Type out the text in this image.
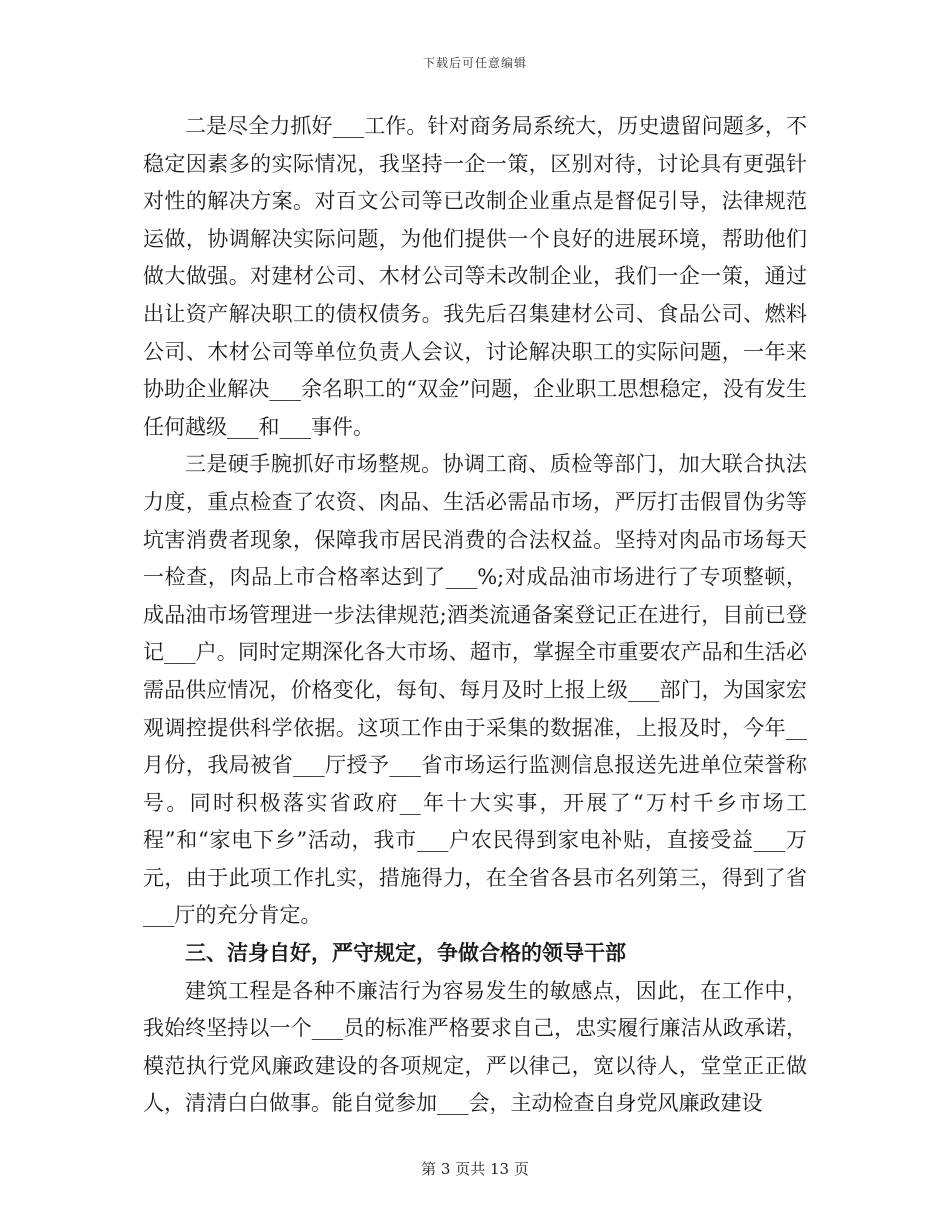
下载后可任意编辑

二是尽全力抓好___工作。针对商务局系统大，历史遗留问题多，不稳定因素多的实际情况，我坚持一企一策，区别对待，讨论具有更强针对性的解决方案。对百文公司等已改制企业重点是督促引导，法律规范运做，协调解决实际问题，为他们提供一个良好的进展环境，帮助他们做大做强。对建材公司、木材公司等未改制企业，我们一企一策，通过出让资产解决职工的债权债务。我先后召集建材公司、食品公司、燃料公司、木材公司等单位负责人会议，讨论解决职工的实际问题，一年来协助企业解决___余名职工的“双金”问题，企业职工思想稳定，没有发生任何越级___和___事件。

三是硬手腕抓好市场整规。协调工商、质检等部门，加大联合执法力度，重点检查了农资、肉品、生活必需品市场，严厉打击假冒伪劣等坑害消费者现象，保障我市居民消费的合法权益。坚持对肉品市场每天一检查，肉品上市合格率达到了___%;对成品油市场进行了专项整顿，成品油市场管理进一步法律规范;酒类流通备案登记正在进行，目前已登记___户。同时定期深化各大市场、超市，掌握全市重要农产品和生活必需品供应情况，价格变化，每旬、每月及时上报上级___部门，为国家宏观调控提供科学依据。这项工作由于采集的数据准，上报及时，今年__月份，我局被省___厅授予___省市场运行监测信息报送先进单位荣誉称号。同时积极落实省政府__年十大实事，开展了“万村千乡市场工程”和“家电下乡”活动，我市___户农民得到家电补贴，直接受益___万元，由于此项工作扎实，措施得力，在全省各县市名列第三，得到了省___厅的充分肯定。

三、洁身自好，严守规定，争做合格的领导干部

建筑工程是各种不廉洁行为容易发生的敏感点，因此，在工作中，我始终坚持以一个___员的标准严格要求自己，忠实履行廉洁从政承诺，模范执行党风廉政建设的各项规定，严以律己，宽以待人，堂堂正正做人，清清白白做事。能自觉参加___会，主动检查自身党风廉政建设

第 3 页共 13 页
